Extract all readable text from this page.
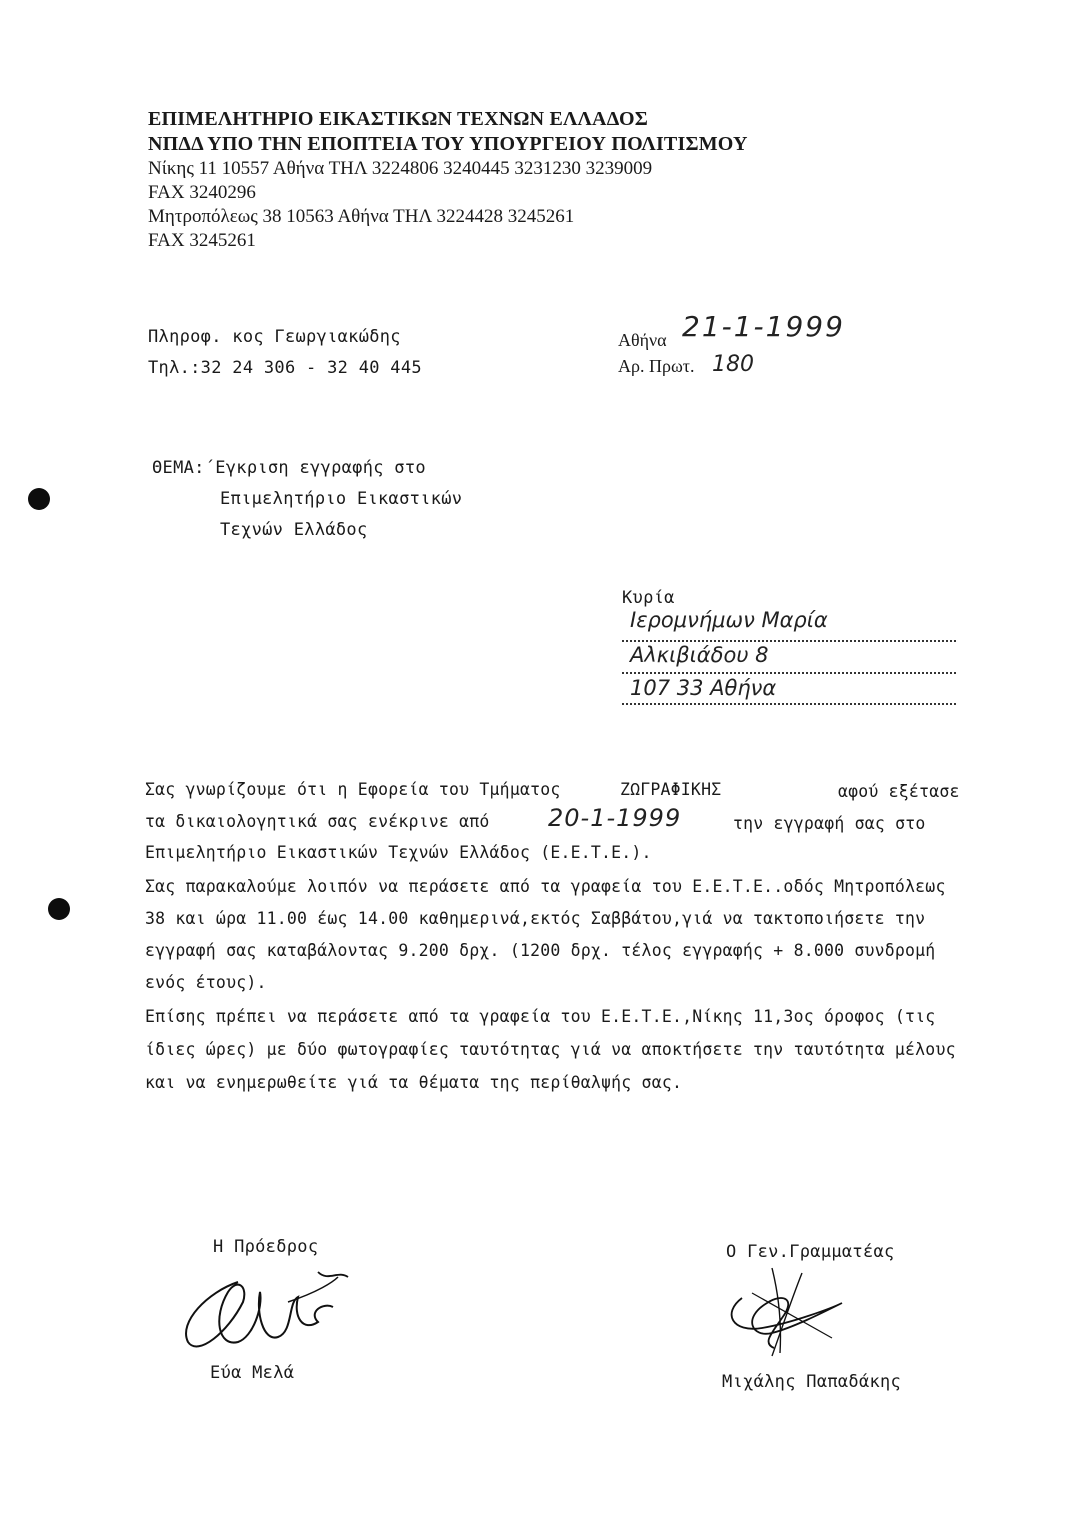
ΕΠΙΜΕΛΗΤΗΡΙΟ ΕΙΚΑΣΤΙΚΩΝ ΤΕΧΝΩΝ ΕΛΛΑΔΟΣ
ΝΠΔΔ ΥΠΟ ΤΗΝ ΕΠΟΠΤΕΙΑ ΤΟΥ ΥΠΟΥΡΓΕΙΟΥ ΠΟΛΙΤΙΣΜΟΥ
Νίκης 11 10557 Αθήνα ΤΗΛ 3224806 3240445 3231230 3239009
FAX 3240296
Μητροπόλεως 38 10563 Αθήνα ΤΗΛ 3224428 3245261
FAX 3245261
Πληροφ. κος Γεωργιακώδης
Τηλ.:32 24 306 - 32 40 445
Αθήνα 21-1-1999
Αρ. Πρωτ. 180
ΘΕΜΑ:΄Εγκριση εγγραφής στο
Επιμελητήριο Εικαστικών
Τεχνών Ελλάδος
Κυρία
Ιερομνήμων Μαρία
Αλκιβιάδου 8
107 33 Αθήνα
Σας γνωρίζουμε ότι η Εφορεία του Τμήματος	ΖΩΓΡΑΦΙΚΗΣ	αφού εξέτασε
τα δικαιολογητικά σας ενέκρινε από 20-1-1999	την εγγραφή σας στο
Επιμελητήριο Εικαστικών Τεχνών Ελλάδος (Ε.Ε.Τ.Ε.).
Σας παρακαλούμε λοιπόν να περάσετε από τα γραφεία του Ε.Ε.Τ.Ε..οδός Μητροπόλεως
38 και ώρα 11.00 έως 14.00 καθημερινά,εκτός Σαββάτου,γιά να τακτοποιήσετε την
εγγραφή σας καταβάλοντας 9.200 δρχ. (1200 δρχ. τέλος εγγραφής + 8.000 συνδρομή
ενός έτους).
Επίσης πρέπει να περάσετε από τα γραφεία του Ε.Ε.Τ.Ε.,Νίκης 11,3ος όροφος (τις
ίδιες ώρες) με δύο φωτογραφίες ταυτότητας γιά να αποκτήσετε την ταυτότητα μέλους
και να ενημερωθείτε γιά τα θέματα της περίθαλψής σας.
Η Πρόεδρος
Εύα Μελά
Ο Γεν.Γραμματέας
Μιχάλης Παπαδάκης
